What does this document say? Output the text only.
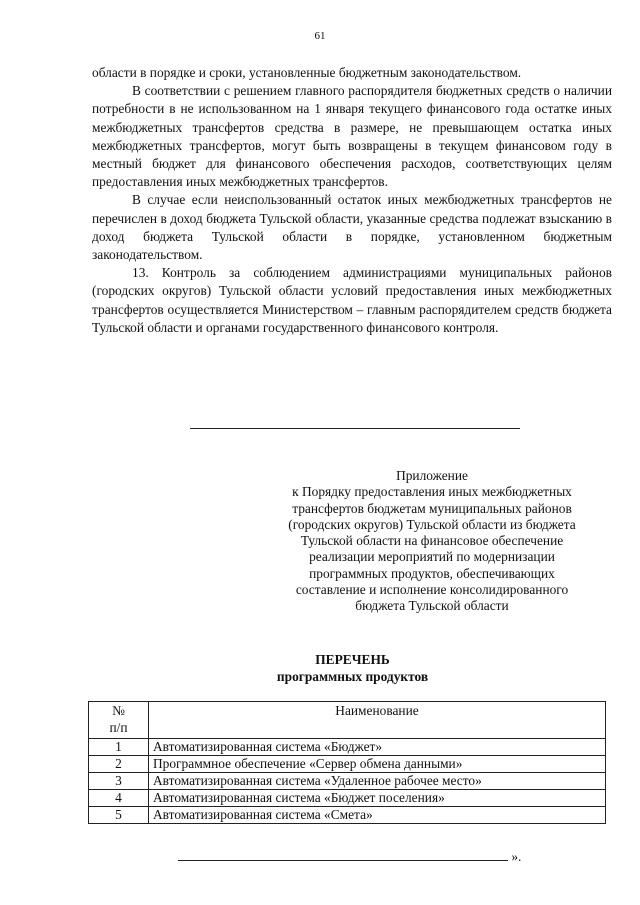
61

области в порядке и сроки, установленные бюджетным законодательством.

В соответствии с решением главного распорядителя бюджетных средств о наличии потребности в не использованном на 1 января текущего финансового года остатке иных межбюджетных трансфертов средства в размере, не превышающем остатка иных межбюджетных трансфертов, могут быть возвращены в текущем финансовом году в местный бюджет для финансового обеспечения расходов, соответствующих целям предоставления иных межбюджетных трансфертов.

В случае если неиспользованный остаток иных межбюджетных трансфертов не перечислен в доход бюджета Тульской области, указанные средства подлежат взысканию в доход бюджета Тульской области в порядке, установленном бюджетным законодательством.

13. Контроль за соблюдением администрациями муниципальных районов (городских округов) Тульской области условий предоставления иных межбюджетных трансфертов осуществляется Министерством – главным распорядителем средств бюджета Тульской области и органами государственного финансового контроля.

Приложение
к Порядку предоставления иных межбюджетных
трансфертов бюджетам муниципальных районов
(городских округов) Тульской области из бюджета
Тульской области на финансовое обеспечение
реализации мероприятий по модернизации
программных продуктов, обеспечивающих
составление и исполнение консолидированного
бюджета Тульской области
ПЕРЕЧЕНЬ
программных продуктов
№
п/п	Наименование
1	Автоматизированная система «Бюджет»
2	Программное обеспечение «Сервер обмена данными»
3	Автоматизированная система «Удаленное рабочее место»
4	Автоматизированная система «Бюджет поселения»
5	Автоматизированная система «Смета»
».
